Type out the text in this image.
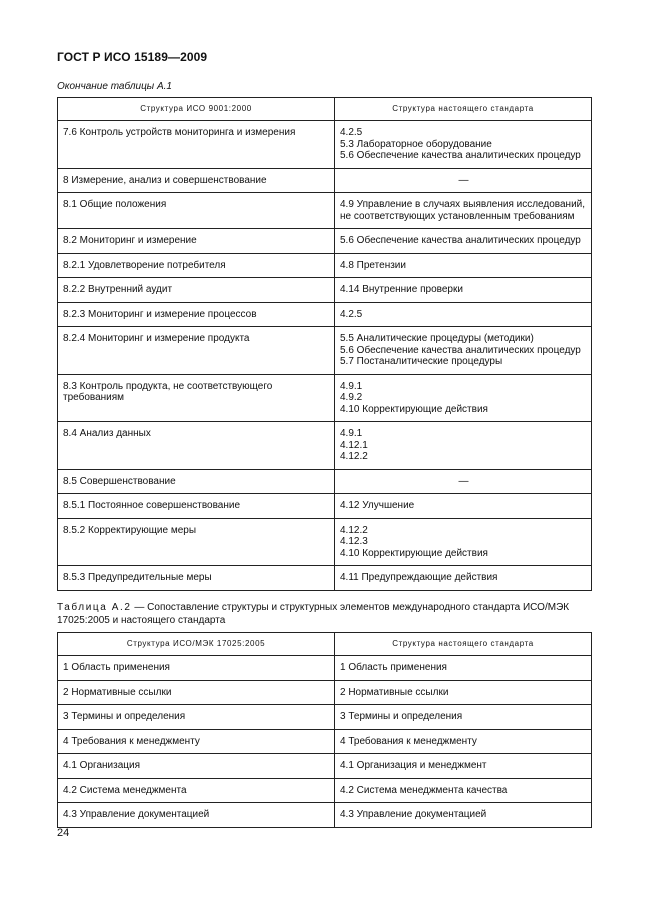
ГОСТ Р ИСО 15189—2009
Окончание таблицы А.1
Структура ИСО 9001:2000	Структура настоящего стандарта
7.6 Контроль устройств мониторинга и измерения	4.2.5
5.3 Лабораторное оборудование
5.6 Обеспечение качества аналитических процедур

8 Измерение, анализ и совершенствование	—

8.1 Общие положения	4.9 Управление в случаях выявления исследований,
не соответствующих установленным требованиям

8.2 Мониторинг и измерение	5.6 Обеспечение качества аналитических процедур

8.2.1 Удовлетворение потребителя	4.8 Претензии

8.2.2 Внутренний аудит	4.14 Внутренние проверки

8.2.3 Мониторинг и измерение процессов	4.2.5

8.2.4 Мониторинг и измерение продукта	5.5 Аналитические процедуры (методики)
5.6 Обеспечение качества аналитических процедур
5.7 Постаналитические процедуры

8.3 Контроль продукта, не соответствующего требованиям	4.9.1
4.9.2
4.10 Корректирующие действия

8.4 Анализ данных	4.9.1
4.12.1
4.12.2

8.5 Совершенствование	—

8.5.1 Постоянное совершенствование	4.12 Улучшение

8.5.2 Корректирующие меры	4.12.2
4.12.3
4.10 Корректирующие действия

8.5.3 Предупредительные меры	4.11 Предупреждающие действия
Таблица А.2 — Сопоставление структуры и структурных элементов международного стандарта ИСО/МЭК 17025:2005 и настоящего стандарта
Структура ИСО/МЭК 17025:2005	Структура настоящего стандарта
1 Область применения	1 Область применения
2 Нормативные ссылки	2 Нормативные ссылки
3 Термины и определения	3 Термины и определения
4 Требования к менеджменту	4 Требования к менеджменту
4.1 Организация	4.1 Организация и менеджмент
4.2 Система менеджмента	4.2 Система менеджмента качества
4.3 Управление документацией	4.3 Управление документацией
24
